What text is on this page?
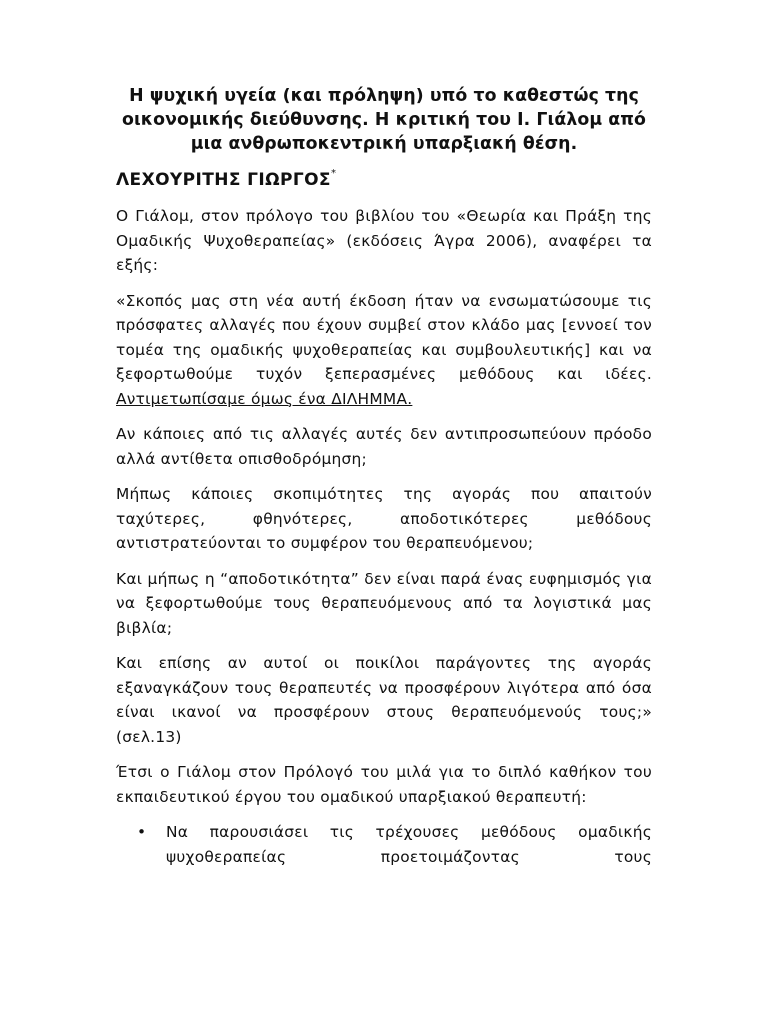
Η ψυχική υγεία (και πρόληψη) υπό το καθεστώς της οικονομικής διεύθυνσης. Η κριτική του Ι. Γιάλομ από μια ανθρωποκεντρική υπαρξιακή θέση.
ΛΕΧΟΥΡΙΤΗΣ ΓΙΩΡΓΟΣ*

Ο Γιάλομ, στον πρόλογο του βιβλίου του «Θεωρία και Πράξη της Ομαδικής Ψυχοθεραπείας» (εκδόσεις Άγρα 2006), αναφέρει τα εξής:

«Σκοπός μας στη νέα αυτή έκδοση ήταν να ενσωματώσουμε τις πρόσφατες αλλαγές που έχουν συμβεί στον κλάδο μας [εννοεί τον τομέα της ομαδικής ψυχοθεραπείας και συμβουλευτικής] και να ξεφορτωθούμε τυχόν ξεπερασμένες μεθόδους και ιδέες. Αντιμετωπίσαμε όμως ένα ΔΙΛΗΜΜΑ.

Αν κάποιες από τις αλλαγές αυτές δεν αντιπροσωπεύουν πρόοδο αλλά αντίθετα οπισθοδρόμηση;

Μήπως κάποιες σκοπιμότητες της αγοράς που απαιτούν ταχύτερες, φθηνότερες, αποδοτικότερες μεθόδους αντιστρατεύονται το συμφέρον του θεραπευόμενου;

Και μήπως η “αποδοτικότητα” δεν είναι παρά ένας ευφημισμός για να ξεφορτωθούμε τους θεραπευόμενους από τα λογιστικά μας βιβλία;

Και επίσης αν αυτοί οι ποικίλοι παράγοντες της αγοράς εξαναγκάζουν τους θεραπευτές να προσφέρουν λιγότερα από όσα είναι ικανοί να προσφέρουν στους θεραπευόμενούς τους;» (σελ.13)

Έτσι ο Γιάλομ στον Πρόλογό του μιλά για το διπλό καθήκον του εκπαιδευτικού έργου του ομαδικού υπαρξιακού θεραπευτή:

• Να παρουσιάσει τις τρέχουσες μεθόδους ομαδικής ψυχοθεραπείας προετοιμάζοντας τους
